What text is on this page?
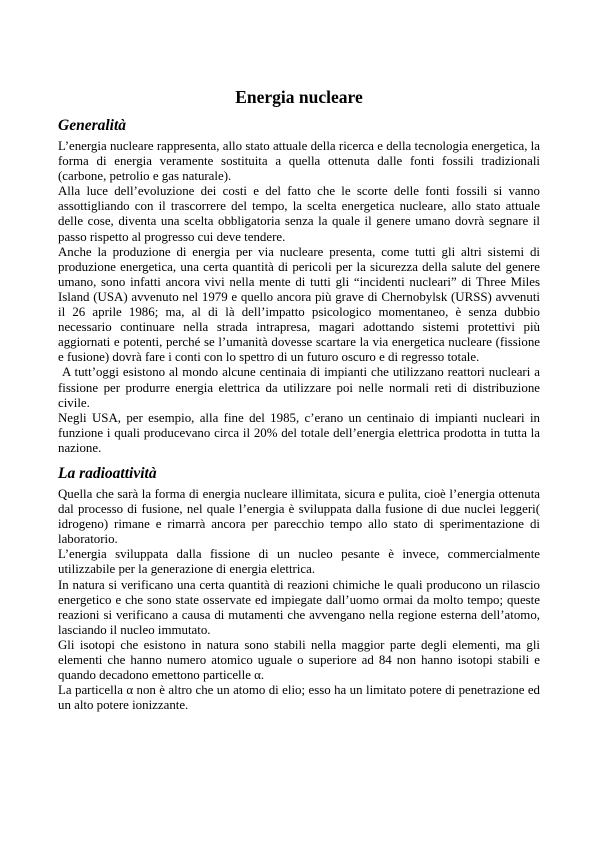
Energia nucleare
Generalità

L’energia nucleare rappresenta, allo stato attuale della ricerca e della tecnologia energetica, la forma di energia veramente sostituita a quella ottenuta dalle fonti fossili tradizionali (carbone, petrolio e gas naturale).

Alla luce dell’evoluzione dei costi e del fatto che le scorte delle fonti fossili si vanno assottigliando con il trascorrere del tempo, la scelta energetica nucleare, allo stato attuale delle cose, diventa una scelta obbligatoria senza la quale il genere umano dovrà segnare il passo rispetto al progresso cui deve tendere.

Anche la produzione di energia per via nucleare presenta, come tutti gli altri sistemi di produzione energetica, una certa quantità di pericoli per la sicurezza della salute del genere umano, sono infatti ancora vivi nella mente di tutti gli “incidenti nucleari” di Three Miles Island (USA) avvenuto nel 1979 e quello ancora più grave di Chernobylsk (URSS) avvenuti il 26 aprile 1986; ma, al di là dell’impatto psicologico momentaneo, è senza dubbio necessario continuare nella strada intrapresa, magari adottando sistemi protettivi più aggiornati e potenti, perché se l’umanità dovesse scartare la via energetica nucleare (fissione e fusione) dovrà fare i conti con lo spettro di un futuro oscuro e di regresso totale.

A tutt’oggi esistono al mondo alcune centinaia di impianti che utilizzano reattori nucleari a fissione per produrre energia elettrica da utilizzare poi nelle normali reti di distribuzione civile.

Negli USA, per esempio, alla fine del 1985, c’erano un centinaio di impianti nucleari in funzione i quali producevano circa il 20% del totale dell’energia elettrica prodotta in tutta la nazione.

La radioattività

Quella che sarà la forma di energia nucleare illimitata, sicura e pulita, cioè l’energia ottenuta dal processo di fusione, nel quale l’energia è sviluppata dalla fusione di due nuclei leggeri( idrogeno) rimane e rimarrà ancora per parecchio tempo allo stato di sperimentazione di laboratorio.

L’energia sviluppata dalla fissione di un nucleo pesante è invece, commercialmente utilizzabile per la generazione di energia elettrica.

In natura si verificano una certa quantità di reazioni chimiche le quali producono un rilascio energetico e che sono state osservate ed impiegate dall’uomo ormai da molto tempo; queste reazioni si verificano a causa di mutamenti che avvengano nella regione esterna dell’atomo, lasciando il nucleo immutato.

Gli isotopi che esistono in natura sono stabili nella maggior parte degli elementi, ma gli elementi che hanno numero atomico uguale o superiore ad 84 non hanno isotopi stabili e quando decadono emettono particelle α.

La particella α non è altro che un atomo di elio; esso ha un limitato potere di penetrazione ed un alto potere ionizzante.
